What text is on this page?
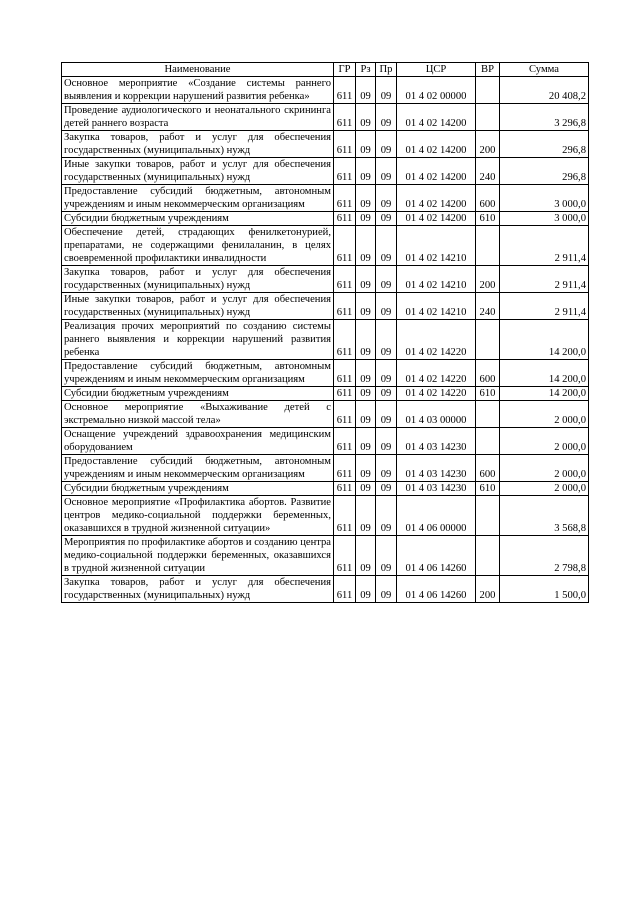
Наименование	ГР	Рз	Пр	ЦСР	ВР	Сумма
Основное мероприятие «Создание системы раннего выявления и коррекции нарушений развития ребенка»	611	09	09	01 4 02 00000		20 408,2
Проведение аудиологического и неонатального скрининга детей раннего возраста	611	09	09	01 4 02 14200		3 296,8
Закупка товаров, работ и услуг для обеспечения государственных (муниципальных) нужд	611	09	09	01 4 02 14200	200	296,8
Иные закупки товаров, работ и услуг для обеспечения государственных (муниципальных) нужд	611	09	09	01 4 02 14200	240	296,8
Предоставление субсидий бюджетным, автономным учреждениям и иным некоммерческим организациям	611	09	09	01 4 02 14200	600	3 000,0
Субсидии бюджетным учреждениям	611	09	09	01 4 02 14200	610	3 000,0
Обеспечение детей, страдающих фенилкетонурией, препаратами, не содержащими фенилаланин, в целях своевременной профилактики инвалидности	611	09	09	01 4 02 14210		2 911,4
Закупка товаров, работ и услуг для обеспечения государственных (муниципальных) нужд	611	09	09	01 4 02 14210	200	2 911,4
Иные закупки товаров, работ и услуг для обеспечения государственных (муниципальных) нужд	611	09	09	01 4 02 14210	240	2 911,4
Реализация прочих мероприятий по созданию системы раннего выявления и коррекции нарушений развития ребенка	611	09	09	01 4 02 14220		14 200,0
Предоставление субсидий бюджетным, автономным учреждениям и иным некоммерческим организациям	611	09	09	01 4 02 14220	600	14 200,0
Субсидии бюджетным учреждениям	611	09	09	01 4 02 14220	610	14 200,0
Основное мероприятие «Выхаживание детей с экстремально низкой массой тела»	611	09	09	01 4 03 00000		2 000,0
Оснащение учреждений здравоохранения медицинским оборудованием	611	09	09	01 4 03 14230		2 000,0
Предоставление субсидий бюджетным, автономным учреждениям и иным некоммерческим организациям	611	09	09	01 4 03 14230	600	2 000,0
Субсидии бюджетным учреждениям	611	09	09	01 4 03 14230	610	2 000,0
Основное мероприятие «Профилактика абортов. Развитие центров медико-социальной поддержки беременных, оказавшихся в трудной жизненной ситуации»	611	09	09	01 4 06 00000		3 568,8
Мероприятия по профилактике абортов и созданию центра медико-социальной поддержки беременных, оказавшихся в трудной жизненной ситуации	611	09	09	01 4 06 14260		2 798,8
Закупка товаров, работ и услуг для обеспечения государственных (муниципальных) нужд	611	09	09	01 4 06 14260	200	1 500,0
